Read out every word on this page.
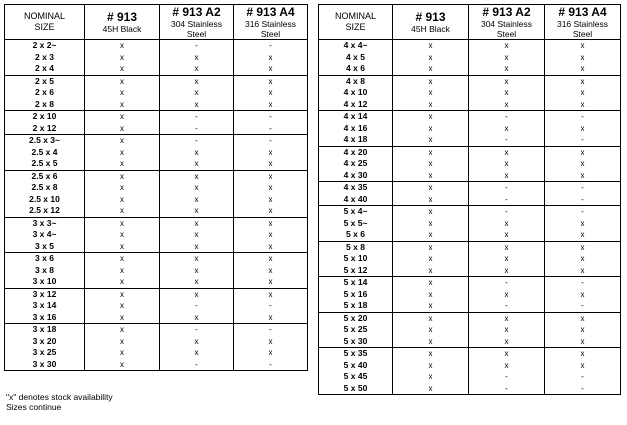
NOMINAL
SIZE	# 913
45H Black	# 913 A2
304 Stainless
Steel	# 913 A4
316 Stainless
Steel

2 x 2~	x	-	-
2 x 3	x	x	x
2 x 4	x	x	x
2 x 5	x	x	x
2 x 6	x	x	x
2 x 8	x	x	x
2 x 10	x	-	-
2 x 12	x	-	-
2.5 x 3~	x	-	-
2.5 x 4	x	x	x
2.5 x 5	x	x	x
2.5 x 6	x	x	x
2.5 x 8	x	x	x
2.5 x 10	x	x	x
2.5 x 12	x	x	x
3 x 3~	x	x	x
3 x 4~	x	x	x
3 x 5	x	x	x
3 x 6	x	x	x
3 x 8	x	x	x
3 x 10	x	x	x
3 x 12	x	x	x
3 x 14	x	-	-
3 x 16	x	x	x
3 x 18	x	-	-
3 x 20	x	x	x
3 x 25	x	x	x
3 x 30	x	-	-
NOMINAL
SIZE	# 913
45H Black	# 913 A2
304 Stainless
Steel	# 913 A4
316 Stainless
Steel

4 x 4~	x	x	x
4 x 5	x	x	x
4 x 6	x	x	x
4 x 8	x	x	x
4 x 10	x	x	x
4 x 12	x	x	x
4 x 14	x	-	-
4 x 16	x	x	x
4 x 18	x	-	-
4 x 20	x	x	x
4 x 25	x	x	x
4 x 30	x	x	x
4 x 35	x	-	-
4 x 40	x	-	-
5 x 4~	x	-	-
5 x 5~	x	x	x
5 x 6	x	x	x
5 x 8	x	x	x
5 x 10	x	x	x
5 x 12	x	x	x
5 x 14	x	-	-
5 x 16	x	x	x
5 x 18	x	-	-
5 x 20	x	x	x
5 x 25	x	x	x
5 x 30	x	x	x
5 x 35	x	x	x
5 x 40	x	x	x
5 x 45	x	-	-
5 x 50	x	-	-
"x" denotes stock availability
Sizes continue
